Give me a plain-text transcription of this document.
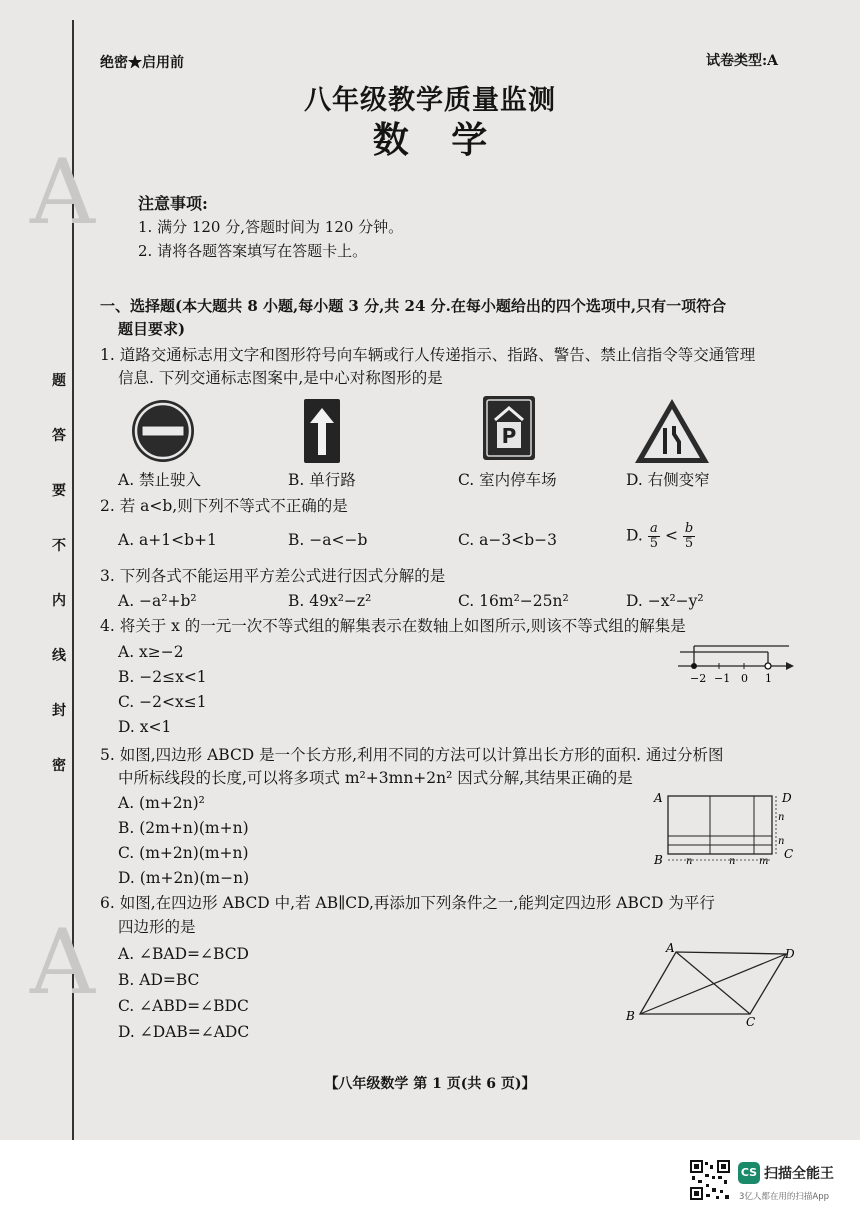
A
A
题
答
要
不
内
线
封
密
绝密★启用前	试卷类型:A
八年级教学质量监测
数 学
注意事项:
1. 满分 120 分,答题时间为 120 分钟。
2. 请将各题答案填写在答题卡上。
一、选择题(本大题共 8 小题,每小题 3 分,共 24 分.在每小题给出的四个选项中,只有一项符合
题目要求)
1. 道路交通标志用文字和图形符号向车辆或行人传递指示、指路、警告、禁止信指令等交通管理
信息. 下列交通标志图案中,是中心对称图形的是
P
A. 禁止驶入	B. 单行路	C. 室内停车场	D. 右侧变窄
2. 若 a<b,则下列不等式不正确的是
A. a+1<b+1	B. −a<−b	C. a−3<b−3	D. $\frac{a}{5} < \frac{b}{5}$
3. 下列各式不能运用平方差公式进行因式分解的是
A. −a²+b²	B. 49x²−z²	C. 16m²−25n²	D. −x²−y²
4. 将关于 x 的一元一次不等式组的解集表示在数轴上如图所示,则该不等式组的解集是
A. x≥−2
B. −2≤x<1
C. −2<x≤1
D. x<1
−2 −1 0 1
5. 如图,四边形 ABCD 是一个长方形,利用不同的方法可以计算出长方形的面积. 通过分析图
中所标线段的长度,可以将多项式 m²+3mn+2n² 因式分解,其结果正确的是
A. (m+2n)²
B. (2m+n)(m+n)
C. (m+2n)(m+n)
D. (m+2n)(m−n)
A	D
B	C
n
n
n	n m
6. 如图,在四边形 ABCD 中,若 AB∥CD,再添加下列条件之一,能判定四边形 ABCD 为平行
四边形的是
A. ∠BAD=∠BCD
B. AD=BC
C. ∠ABD=∠BDC
D. ∠DAB=∠ADC
A	D
B	C
【八年级数学 第 1 页(共 6 页)】
CS 扫描全能王
3亿人都在用的扫描App
